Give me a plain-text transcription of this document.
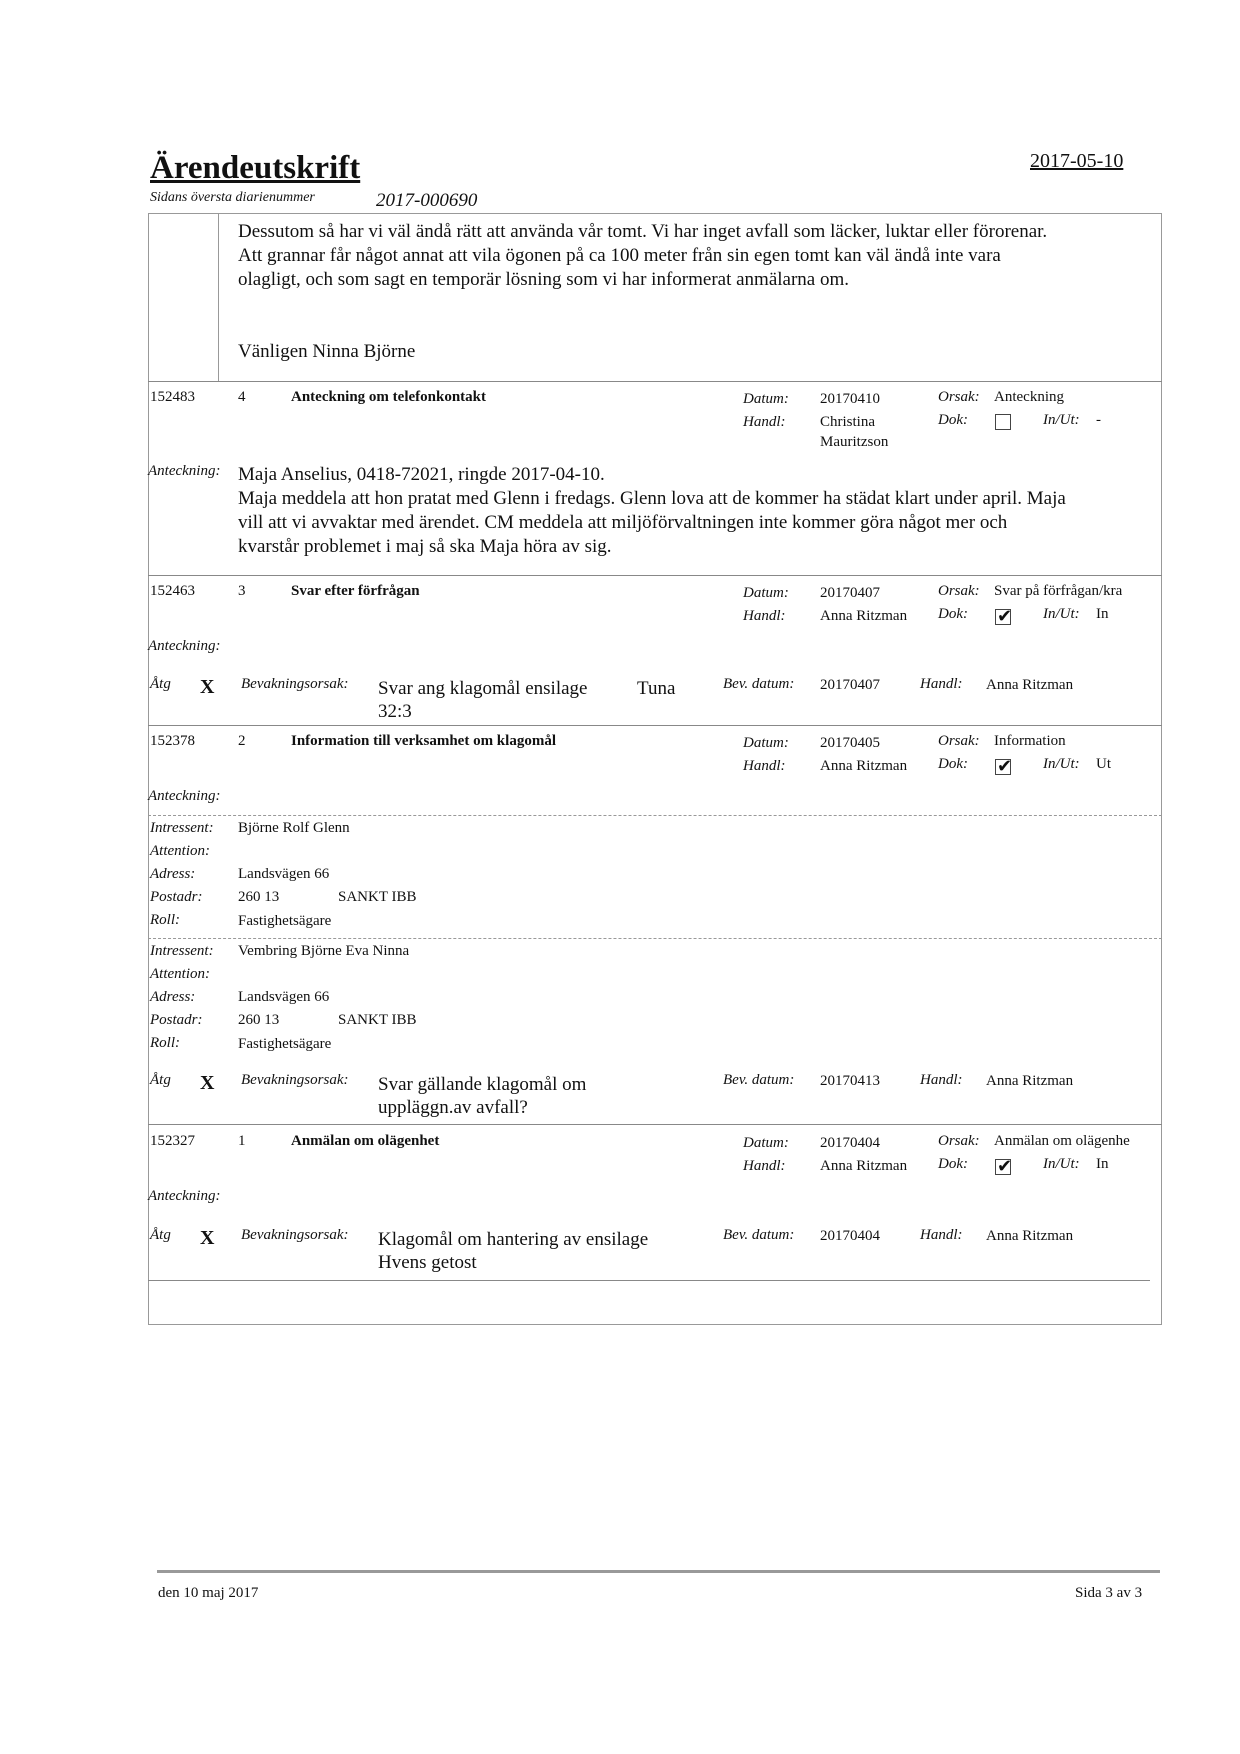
Ärendeutskrift	2017-05-10
Sidans översta diarienummer	2017-000690
Dessutom så har vi väl ändå rätt att använda vår tomt. Vi har inget avfall som läcker, luktar eller förorenar.
Att grannar får något annat att vila ögonen på ca 100 meter från sin egen tomt kan väl ändå inte vara
olagligt, och som sagt en temporär lösning som vi har informerat anmälarna om.
Vänligen Ninna Björne
152483	4	Anteckning om telefonkontakt	Datum: 20170410	Orsak: Anteckning
Handl: Christina
Mauritzson
Dok:	In/Ut: -
Anteckning: Maja Anselius, 0418-72021, ringde 2017-04-10.
Maja meddela att hon pratat med Glenn i fredags. Glenn lova att de kommer ha städat klart under april. Maja
vill att vi avvaktar med ärendet. CM meddela att miljöförvaltningen inte kommer göra något mer och
kvarstår problemet i maj så ska Maja höra av sig.
152463	3	Svar efter förfrågan	Datum: 20170407	Orsak: Svar på förfrågan/kra
Handl: Anna Ritzman Dok: ✔ In/Ut: In
Anteckning:
Åtg X Bevakningsorsak: Svar ang klagomål ensilage	Tuna
32:3
Bev. datum: 20170407	Handl: Anna Ritzman
152378	2	Information till verksamhet om klagomål	Datum: 20170405	Orsak: Information
Handl: Anna Ritzman Dok: ✔ In/Ut: Ut
Anteckning:
Intressent: Björne Rolf Glenn
Attention:
Adress:	Landsvägen 66
Postadr: 260 13	SANKT IBB
Roll:	Fastighetsägare
Intressent: Vembring Björne Eva Ninna
Attention:
Adress:	Landsvägen 66
Postadr: 260 13	SANKT IBB
Roll:	Fastighetsägare
Åtg X Bevakningsorsak: Svar gällande klagomål om
uppläggn.av avfall?
Bev. datum: 20170413	Handl: Anna Ritzman
152327	1	Anmälan om olägenhet	Datum: 20170404	Orsak: Anmälan om olägenhe
Handl: Anna Ritzman Dok: ✔ In/Ut: In
Anteckning:
Åtg X Bevakningsorsak: Klagomål om hantering av ensilage
Hvens getost
Bev. datum: 20170404	Handl: Anna Ritzman
den 10 maj 2017	Sida 3 av 3
